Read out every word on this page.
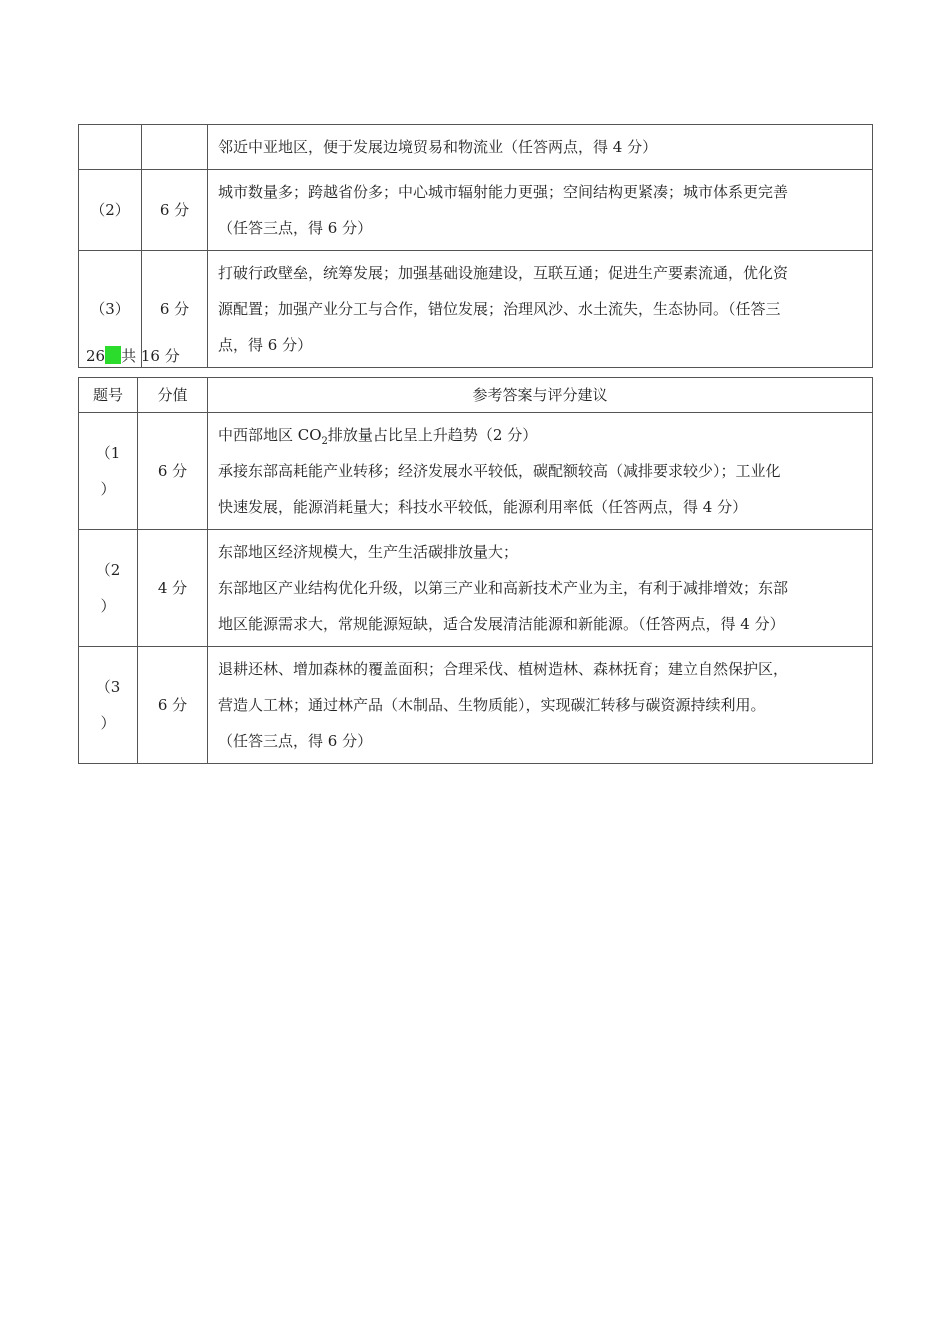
		邻近中亚地区，便于发展边境贸易和物流业（任答两点，得 4 分）

（2）	6 分	城市数量多；跨越省份多；中心城市辐射能力更强；空间结构更紧凑；城市体系更完善
（任答三点，得 6 分）

（3）	6 分	打破行政壁垒，统筹发展；加强基础设施建设，互联互通；促进生产要素流通，优化资
源配置；加强产业分工与合作，错位发展；治理风沙、水土流失，生态协同。（任答三
点，得 6 分）
26 共 16 分
题号	分值	参考答案与评分建议

（1
）	6 分	中西部地区 $CO_2$排放量占比呈上升趋势（2 分）
承接东部高耗能产业转移；经济发展水平较低，碳配额较高（减排要求较少）；工业化
快速发展，能源消耗量大；科技水平较低，能源利用率低（任答两点，得 4 分）

（2
）	4 分	东部地区经济规模大，生产生活碳排放量大；
东部地区产业结构优化升级，以第三产业和高新技术产业为主，有利于减排增效；东部
地区能源需求大，常规能源短缺，适合发展清洁能源和新能源。（任答两点，得 4 分）

（3
）	6 分	退耕还林、增加森林的覆盖面积；合理采伐、植树造林、森林抚育；建立自然保护区，
营造人工林；通过林产品（木制品、生物质能），实现碳汇转移与碳资源持续利用。
（任答三点，得 6 分）
